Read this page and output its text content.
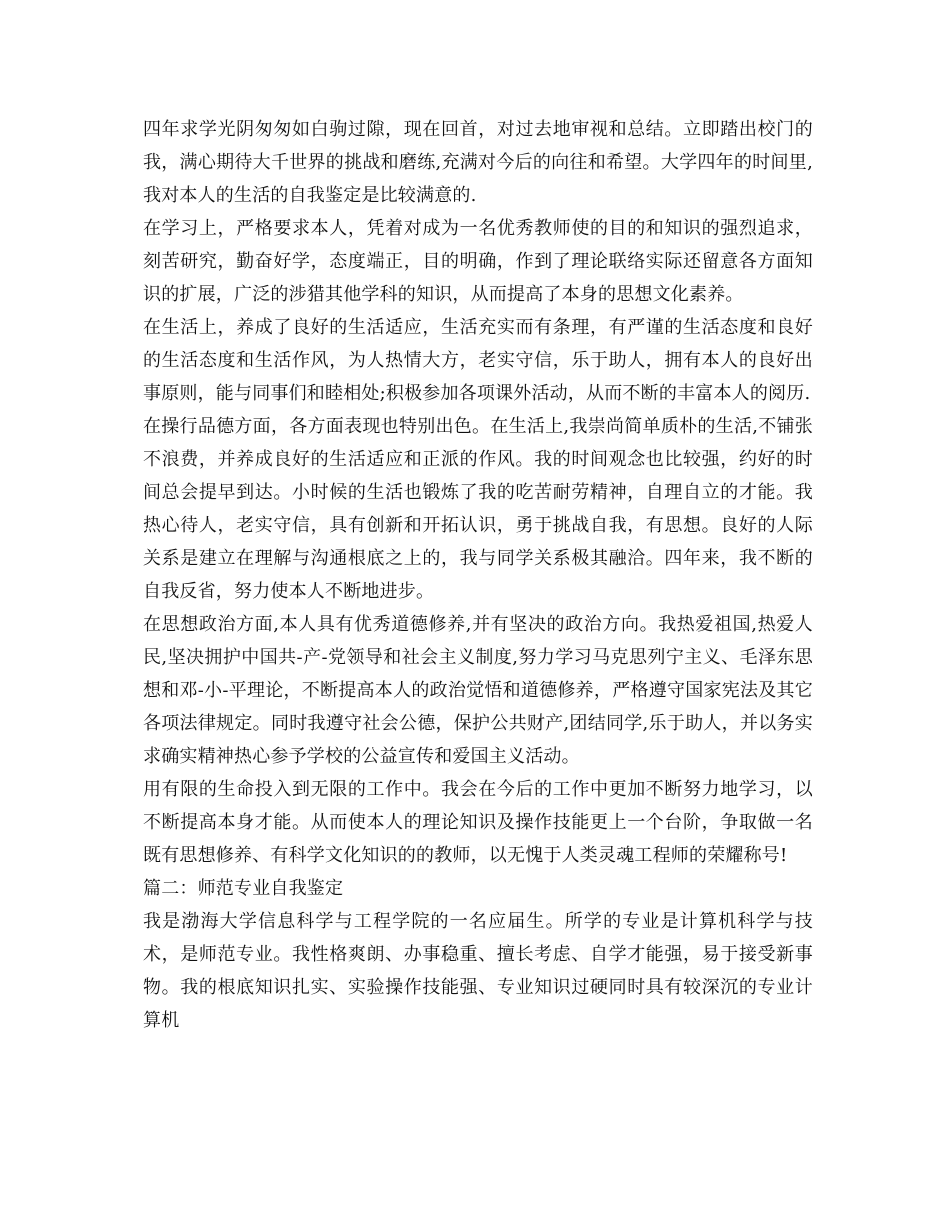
四年求学光阴匆匆如白驹过隙，现在回首，对过去地审视和总结。立即踏出校门的我，满心期待大千世界的挑战和磨练,充满对今后的向往和希望。大学四年的时间里,我对本人的生活的自我鉴定是比较满意的.

在学习上，严格要求本人，凭着对成为一名优秀教师使的目的和知识的强烈追求，刻苦研究，勤奋好学，态度端正，目的明确，作到了理论联络实际还留意各方面知识的扩展，广泛的涉猎其他学科的知识，从而提高了本身的思想文化素养。

在生活上，养成了良好的生活适应，生活充实而有条理，有严谨的生活态度和良好的生活态度和生活作风，为人热情大方，老实守信，乐于助人，拥有本人的良好出事原则，能与同事们和睦相处;积极参加各项课外活动，从而不断的丰富本人的阅历.

在操行品德方面，各方面表现也特别出色。在生活上,我崇尚简单质朴的生活,不铺张不浪费，并养成良好的生活适应和正派的作风。我的时间观念也比较强，约好的时间总会提早到达。小时候的生活也锻炼了我的吃苦耐劳精神，自理自立的才能。我热心待人，老实守信，具有创新和开拓认识，勇于挑战自我，有思想。良好的人际关系是建立在理解与沟通根底之上的，我与同学关系极其融洽。四年来，我不断的自我反省，努力使本人不断地进步。

在思想政治方面,本人具有优秀道德修养,并有坚决的政治方向。我热爱祖国,热爱人民,坚决拥护中国共-产-党领导和社会主义制度,努力学习马克思列宁主义、毛泽东思想和邓-小-平理论，不断提高本人的政治觉悟和道德修养，严格遵守国家宪法及其它各项法律规定。同时我遵守社会公德，保护公共财产,团结同学,乐于助人，并以务实求确实精神热心参予学校的公益宣传和爱国主义活动。

用有限的生命投入到无限的工作中。我会在今后的工作中更加不断努力地学习，以不断提高本身才能。从而使本人的理论知识及操作技能更上一个台阶，争取做一名既有思想修养、有科学文化知识的的教师，以无愧于人类灵魂工程师的荣耀称号!

篇二：师范专业自我鉴定

我是渤海大学信息科学与工程学院的一名应届生。所学的专业是计算机科学与技术，是师范专业。我性格爽朗、办事稳重、擅长考虑、自学才能强，易于接受新事物。我的根底知识扎实、实验操作技能强、专业知识过硬同时具有较深沉的专业计算机
